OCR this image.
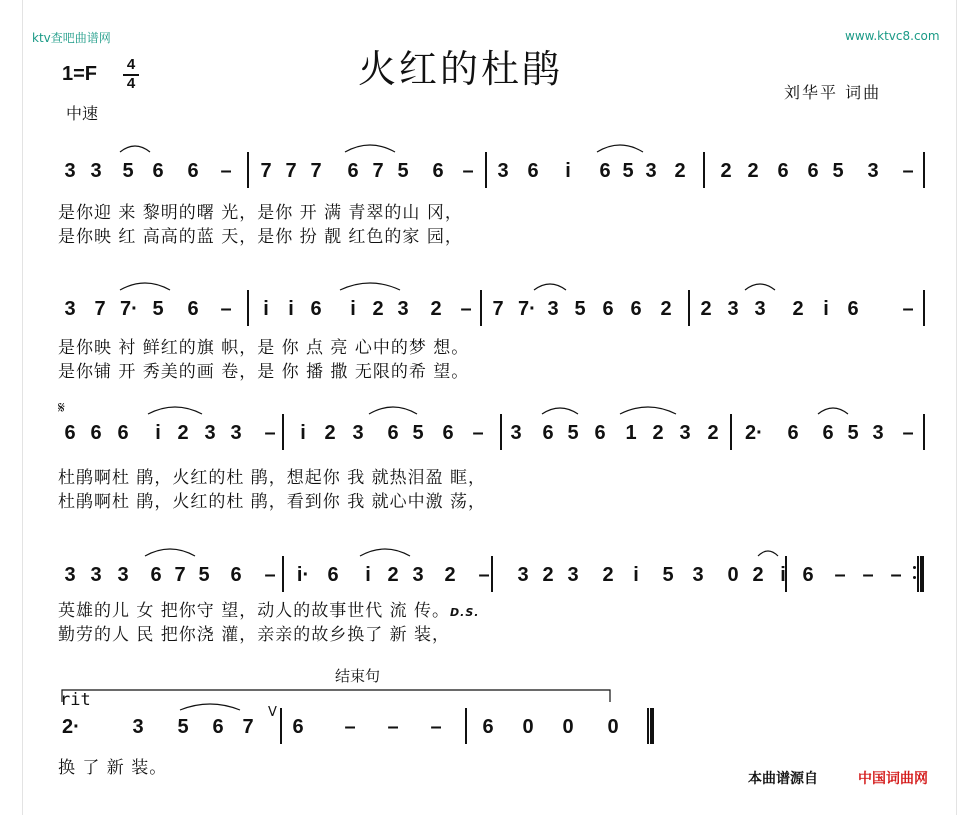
ktv查吧曲谱网	www.ktvc8.com
火红的杜鹃
1=F 4
4
中速
刘华平 词曲
是你迎 来 黎明的曙 光，是你 开 满 青翠的山 冈，
是你映 红 高高的蓝 天，是你 扮 靓 红色的家 园，
是你映 衬 鲜红的旗 帜，是 你 点 亮 心中的梦 想。
是你铺 开 秀美的画 卷，是 你 播 撒 无限的希 望。
𝄋
杜鹃啊杜 鹃，火红的杜 鹃，想起你 我 就热泪盈 眶，
杜鹃啊杜 鹃，火红的杜 鹃，看到你 我 就心中激 荡，
英雄的儿 女 把你守 望，动人的故事世代 流 传。D.S.
勤劳的人 民 把你浇 灌，亲亲的故乡换了 新 装，
结束句
rit
V
换 了 新 装。
本曲谱源自	中国词曲网
3 3 5 6 6 – 7 7 7 6 7 5 6 – 3 6 i 6 5 3 2 2 2 6 6 5 3 –
3 7 7· 5 6 – i i 6 i 2 3 2 – 7 7· 3 5 6 6 2 2 3 3 2 i 6 –
6 6 6 i 2 3 3 – i 2 3 6 5 6 – 3 6 5 6 1 2 3 2 2· 6 6 5 3 –
3 3 3 6 7 5 6 – i· 6 i 2 3 2 – 3 2 3 2 i 5 3 0 2 i 6 – – –
2·	3 5 6 7 6 – – – 6 0 0 0
